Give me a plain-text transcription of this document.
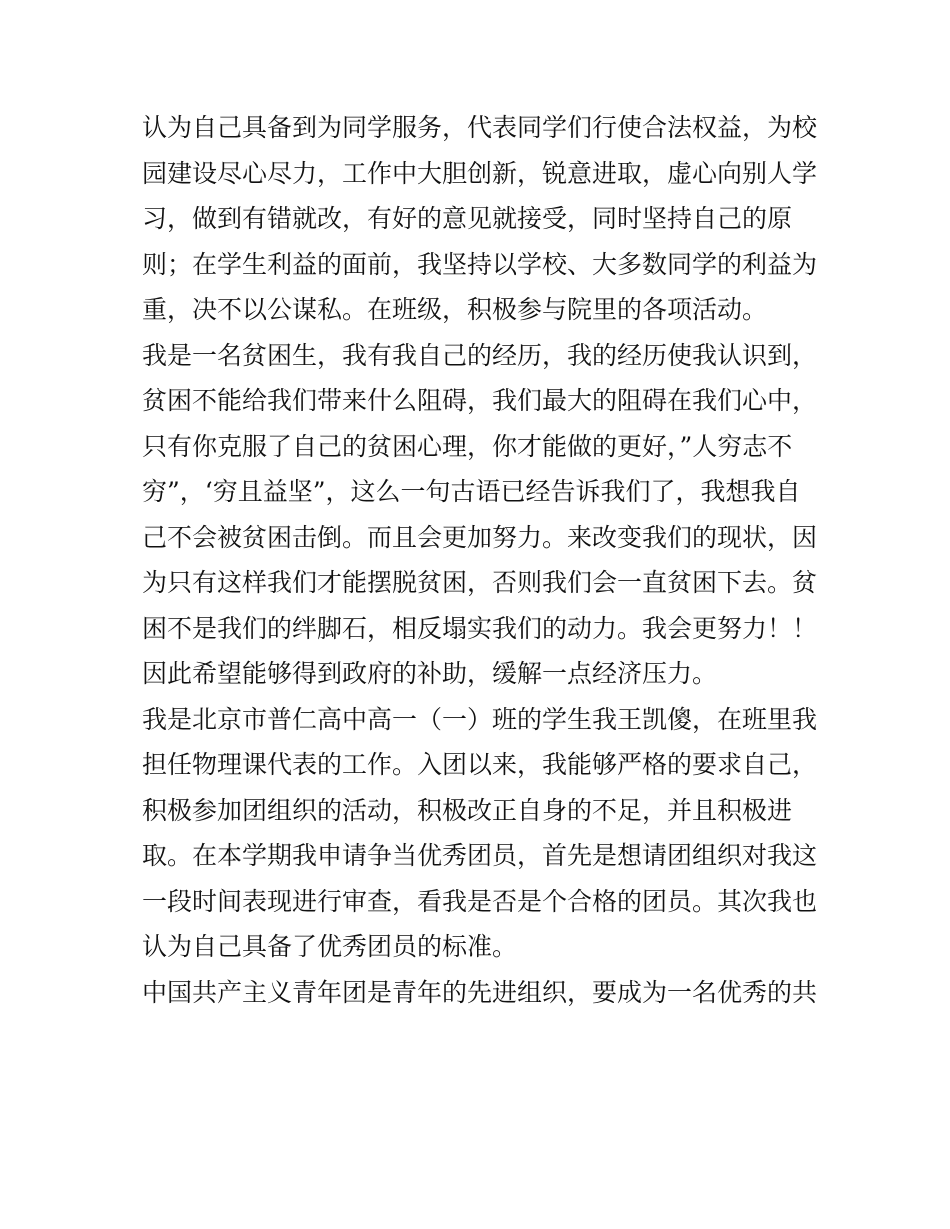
认为自己具备到为同学服务，代表同学们行使合法权益，为校

园建设尽心尽力，工作中大胆创新，锐意进取，虚心向别人学

习，做到有错就改，有好的意见就接受，同时坚持自己的原

则；在学生利益的面前，我坚持以学校、大多数同学的利益为

重，决不以公谋私。在班级，积极参与院里的各项活动。

我是一名贫困生，我有我自己的经历，我的经历使我认识到，

贫困不能给我们带来什么阻碍，我们最大的阻碍在我们心中，

只有你克服了自己的贫困心理，你才能做的更好，”人穷志不

穷”，‘穷且益坚”，这么一句古语已经告诉我们了，我想我自

己不会被贫困击倒。而且会更加努力。来改变我们的现状，因

为只有这样我们才能摆脱贫困，否则我们会一直贫困下去。贫

困不是我们的绊脚石，相反塌实我们的动力。我会更努力！！

因此希望能够得到政府的补助，缓解一点经济压力。

我是北京市普仁高中高一（一）班的学生我王凯傻，在班里我

担任物理课代表的工作。入团以来，我能够严格的要求自己，

积极参加团组织的活动，积极改正自身的不足，并且积极进

取。在本学期我申请争当优秀团员，首先是想请团组织对我这

一段时间表现进行审查，看我是否是个合格的团员。其次我也

认为自己具备了优秀团员的标准。

中国共产主义青年团是青年的先进组织，要成为一名优秀的共
